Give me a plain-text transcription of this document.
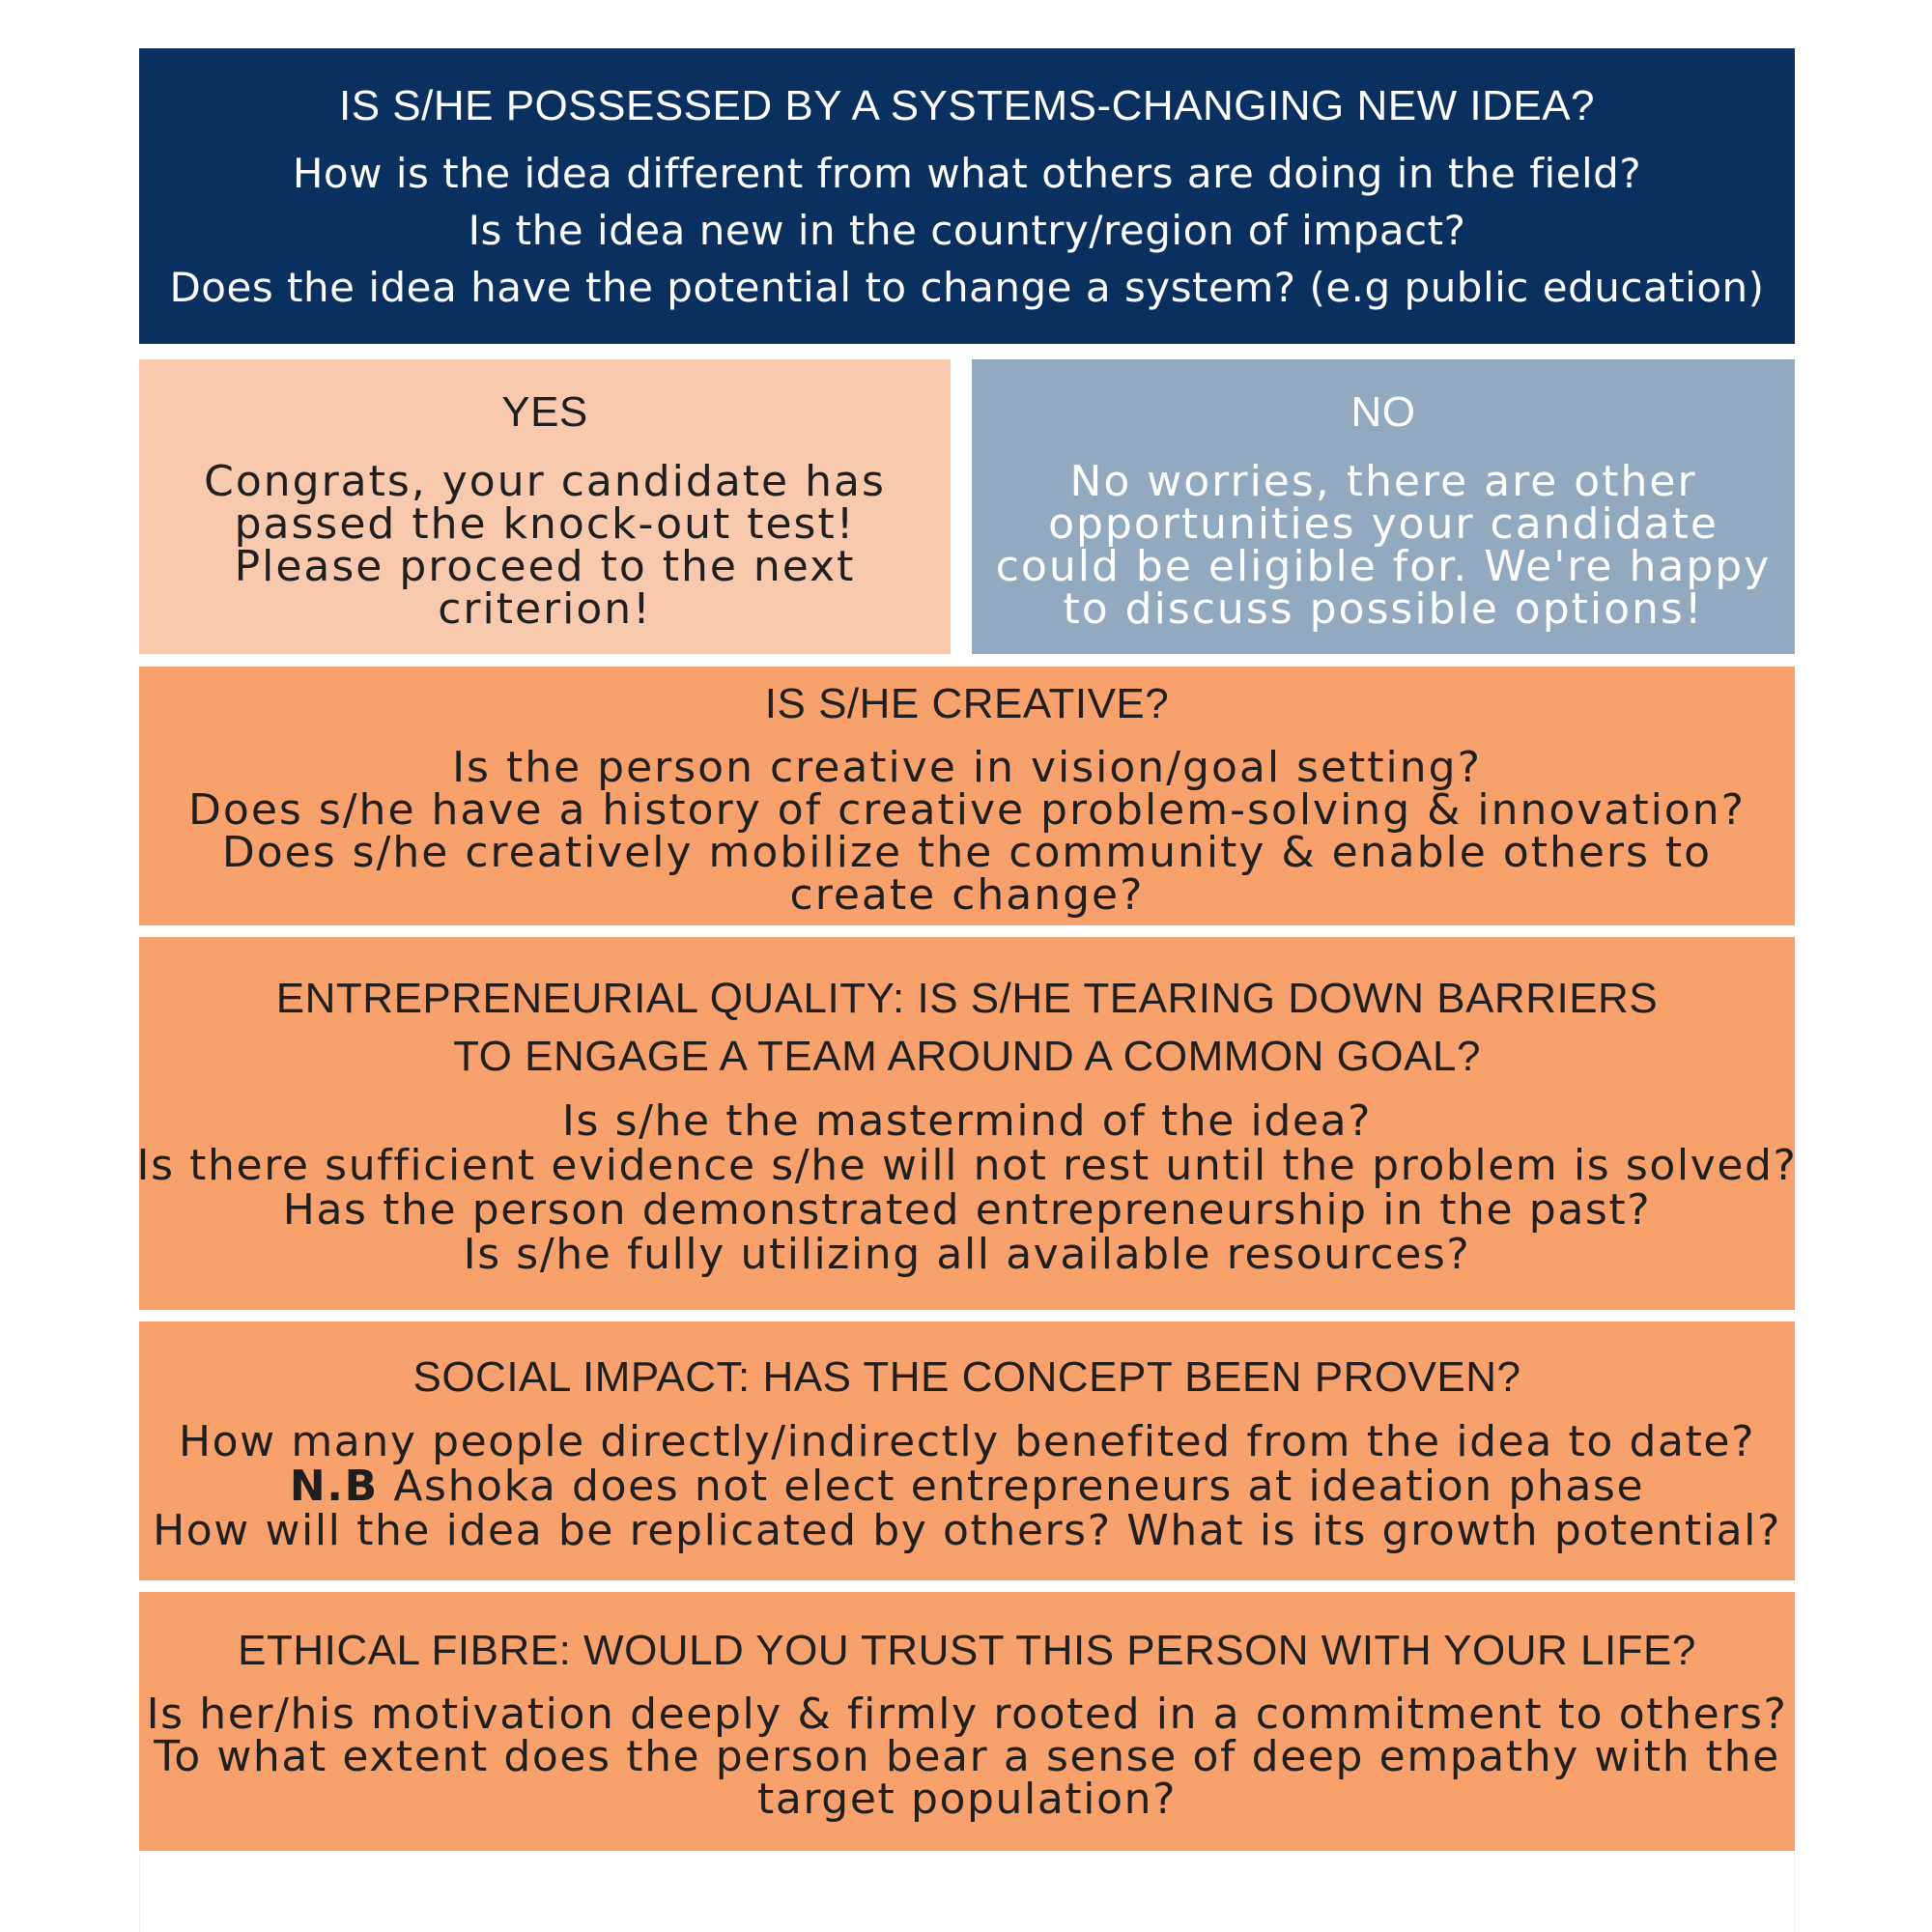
IS S/HE POSSESSED BY A SYSTEMS-CHANGING NEW IDEA?
How is the idea different from what others are doing in the field?
Is the idea new in the country/region of impact?
Does the idea have the potential to change a system? (e.g public education)
YES
Congrats, your candidate has passed the knock-out test! Please proceed to the next criterion!
NO
No worries, there are other opportunities your candidate could be eligible for. We're happy to discuss possible options!
IS S/HE CREATIVE?
Is the person creative in vision/goal setting?
Does s/he have a history of creative problem-solving & innovation?
Does s/he creatively mobilize the community & enable others to create change?
ENTREPRENEURIAL QUALITY: IS S/HE TEARING DOWN BARRIERS
TO ENGAGE A TEAM AROUND A COMMON GOAL?
Is s/he the mastermind of the idea?
Is there sufficient evidence s/he will not rest until the problem is solved?
Has the person demonstrated entrepreneurship in the past?
Is s/he fully utilizing all available resources?
SOCIAL IMPACT: HAS THE CONCEPT BEEN PROVEN?
How many people directly/indirectly benefited from the idea to date?
N.B Ashoka does not elect entrepreneurs at ideation phase
How will the idea be replicated by others? What is its growth potential?
ETHICAL FIBRE: WOULD YOU TRUST THIS PERSON WITH YOUR LIFE?
Is her/his motivation deeply & firmly rooted in a commitment to others?
To what extent does the person bear a sense of deep empathy with the target population?
